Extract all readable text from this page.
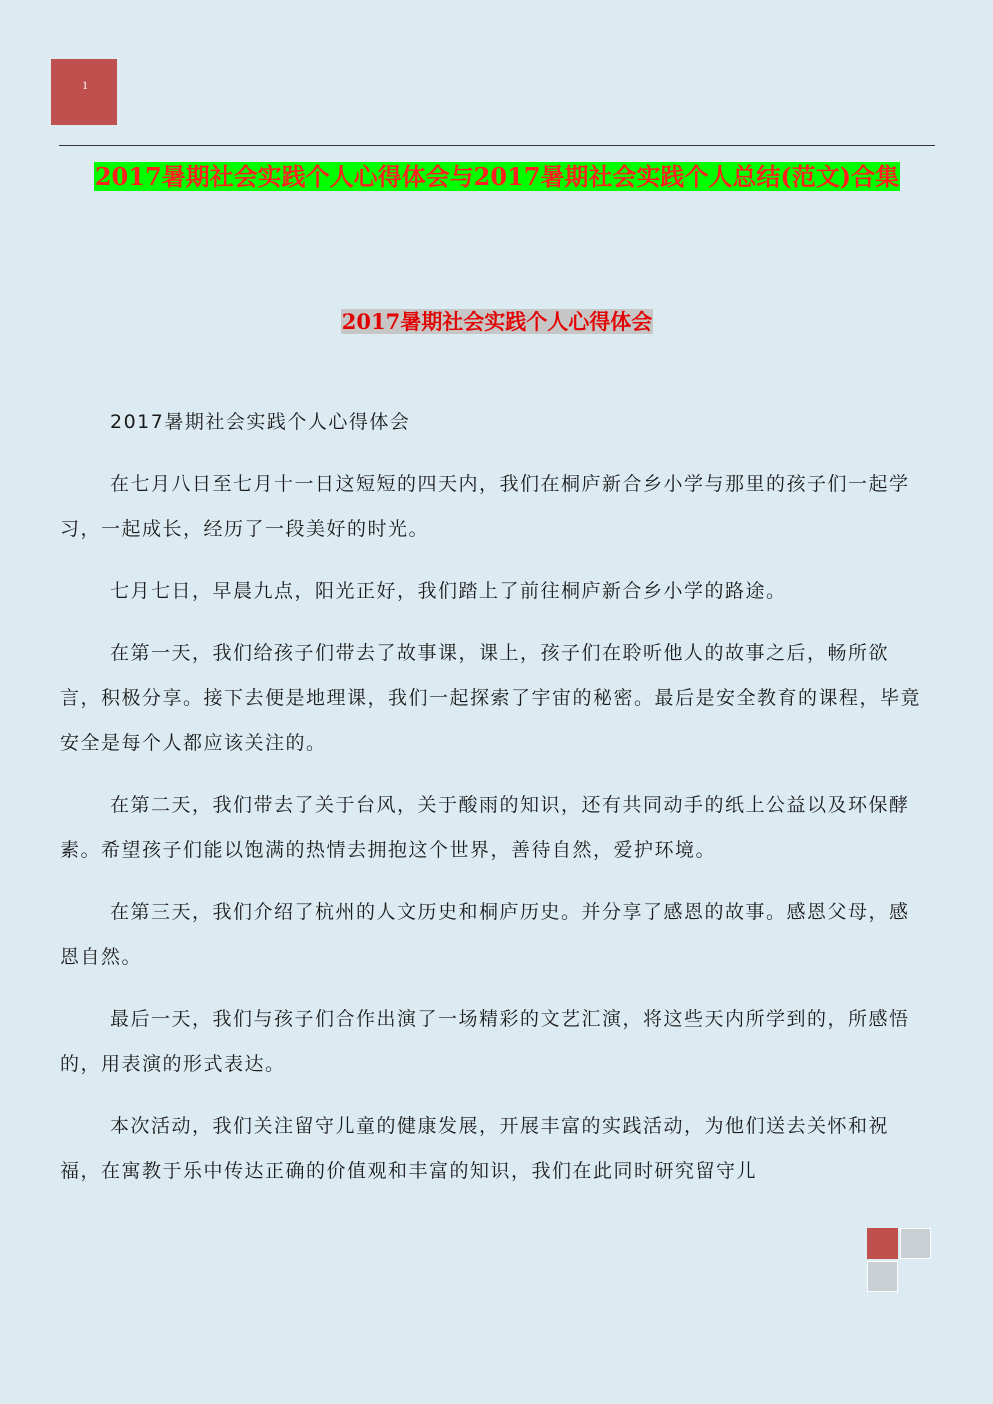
1
2017暑期社会实践个人心得体会与2017暑期社会实践个人总结(范文)合集
2017暑期社会实践个人心得体会

2017暑期社会实践个人心得体会

在七月八日至七月十一日这短短的四天内，我们在桐庐新合乡小学与那里的孩子们一起学习，一起成长，经历了一段美好的时光。

七月七日，早晨九点，阳光正好，我们踏上了前往桐庐新合乡小学的路途。

在第一天，我们给孩子们带去了故事课，课上，孩子们在聆听他人的故事之后，畅所欲言，积极分享。接下去便是地理课，我们一起探索了宇宙的秘密。最后是安全教育的课程，毕竟安全是每个人都应该关注的。

在第二天，我们带去了关于台风，关于酸雨的知识，还有共同动手的纸上公益以及环保酵素。希望孩子们能以饱满的热情去拥抱这个世界，善待自然，爱护环境。

在第三天，我们介绍了杭州的人文历史和桐庐历史。并分享了感恩的故事。感恩父母，感恩自然。

最后一天，我们与孩子们合作出演了一场精彩的文艺汇演，将这些天内所学到的，所感悟的，用表演的形式表达。

本次活动，我们关注留守儿童的健康发展，开展丰富的实践活动，为他们送去关怀和祝福，在寓教于乐中传达正确的价值观和丰富的知识，我们在此同时研究留守儿
